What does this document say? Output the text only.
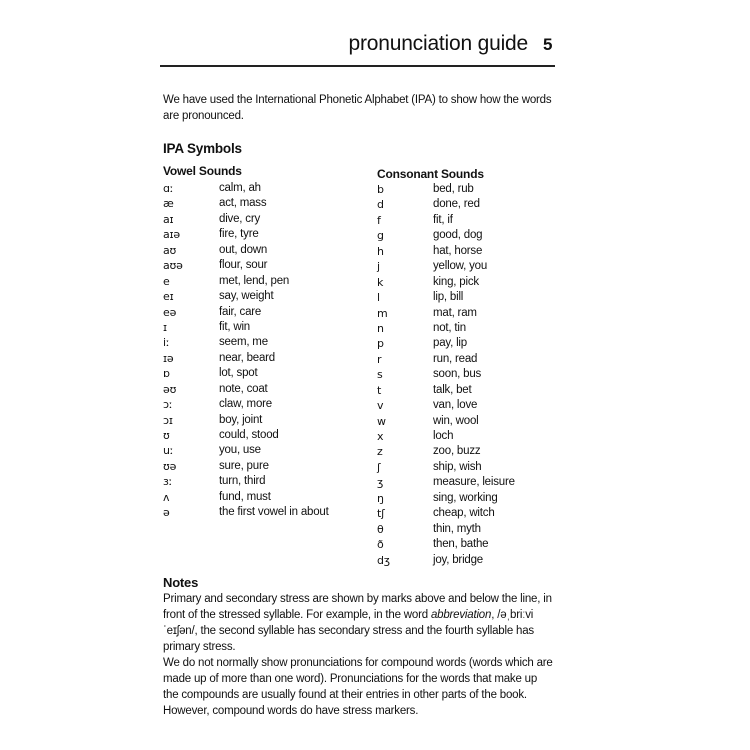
pronunciation guide 5
We have used the International Phonetic Alphabet (IPA) to show how the words are pronounced.
IPA Symbols
Vowel Sounds
ɑː	calm, ah
æ	act, mass
aɪ	dive, cry
aɪə	fire, tyre
aʊ	out, down
aʊə	flour, sour
e	met, lend, pen
eɪ	say, weight
eə	fair, care
ɪ	fit, win
iː	seem, me
ɪə	near, beard
ɒ	lot, spot
əʊ	note, coat
ɔː	claw, more
ɔɪ	boy, joint
ʊ	could, stood
uː	you, use
ʊə	sure, pure
ɜː	turn, third
ʌ	fund, must
ə	the first vowel in about
Consonant Sounds
b	bed, rub
d	done, red
f	fit, if
g	good, dog
h	hat, horse
j	yellow, you
k	king, pick
l	lip, bill
m	mat, ram
n	not, tin
p	pay, lip
r	run, read
s	soon, bus
t	talk, bet
v	van, love
w	win, wool
x	loch
z	zoo, buzz
ʃ	ship, wish
ʒ	measure, leisure
ŋ	sing, working
tʃ	cheap, witch
θ	thin, myth
ð	then, bathe
dʒ	joy, bridge
Notes

Primary and secondary stress are shown by marks above and below the line, in front of the stressed syllable. For example, in the word abbreviation, /əˌbriːviˈeɪʃən/, the second syllable has secondary stress and the fourth syllable has primary stress.

We do not normally show pronunciations for compound words (words which are made up of more than one word). Pronunciations for the words that make up the compounds are usually found at their entries in other parts of the book. However, compound words do have stress markers.
